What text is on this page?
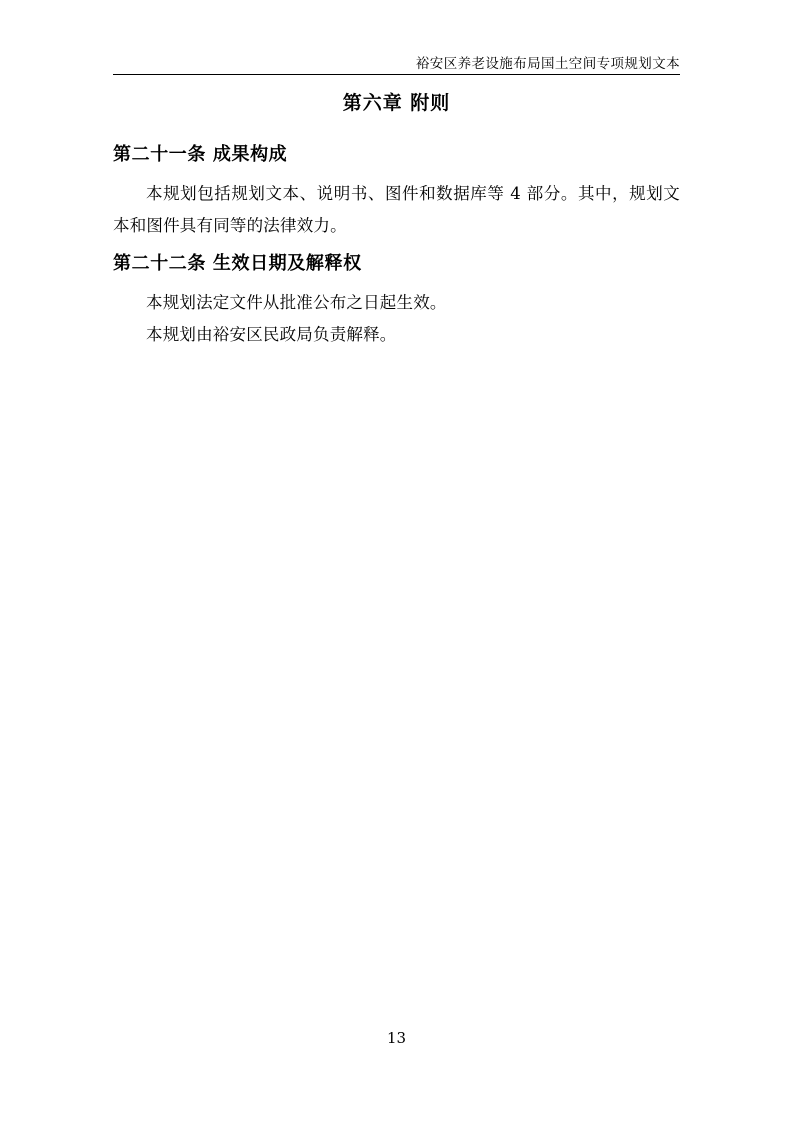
裕安区养老设施布局国土空间专项规划文本
第六章 附则
第二十一条 成果构成

本规划包括规划文本、说明书、图件和数据库等 4 部分。其中，规划文本和图件具有同等的法律效力。

第二十二条 生效日期及解释权

本规划法定文件从批准公布之日起生效。

本规划由裕安区民政局负责解释。

13
